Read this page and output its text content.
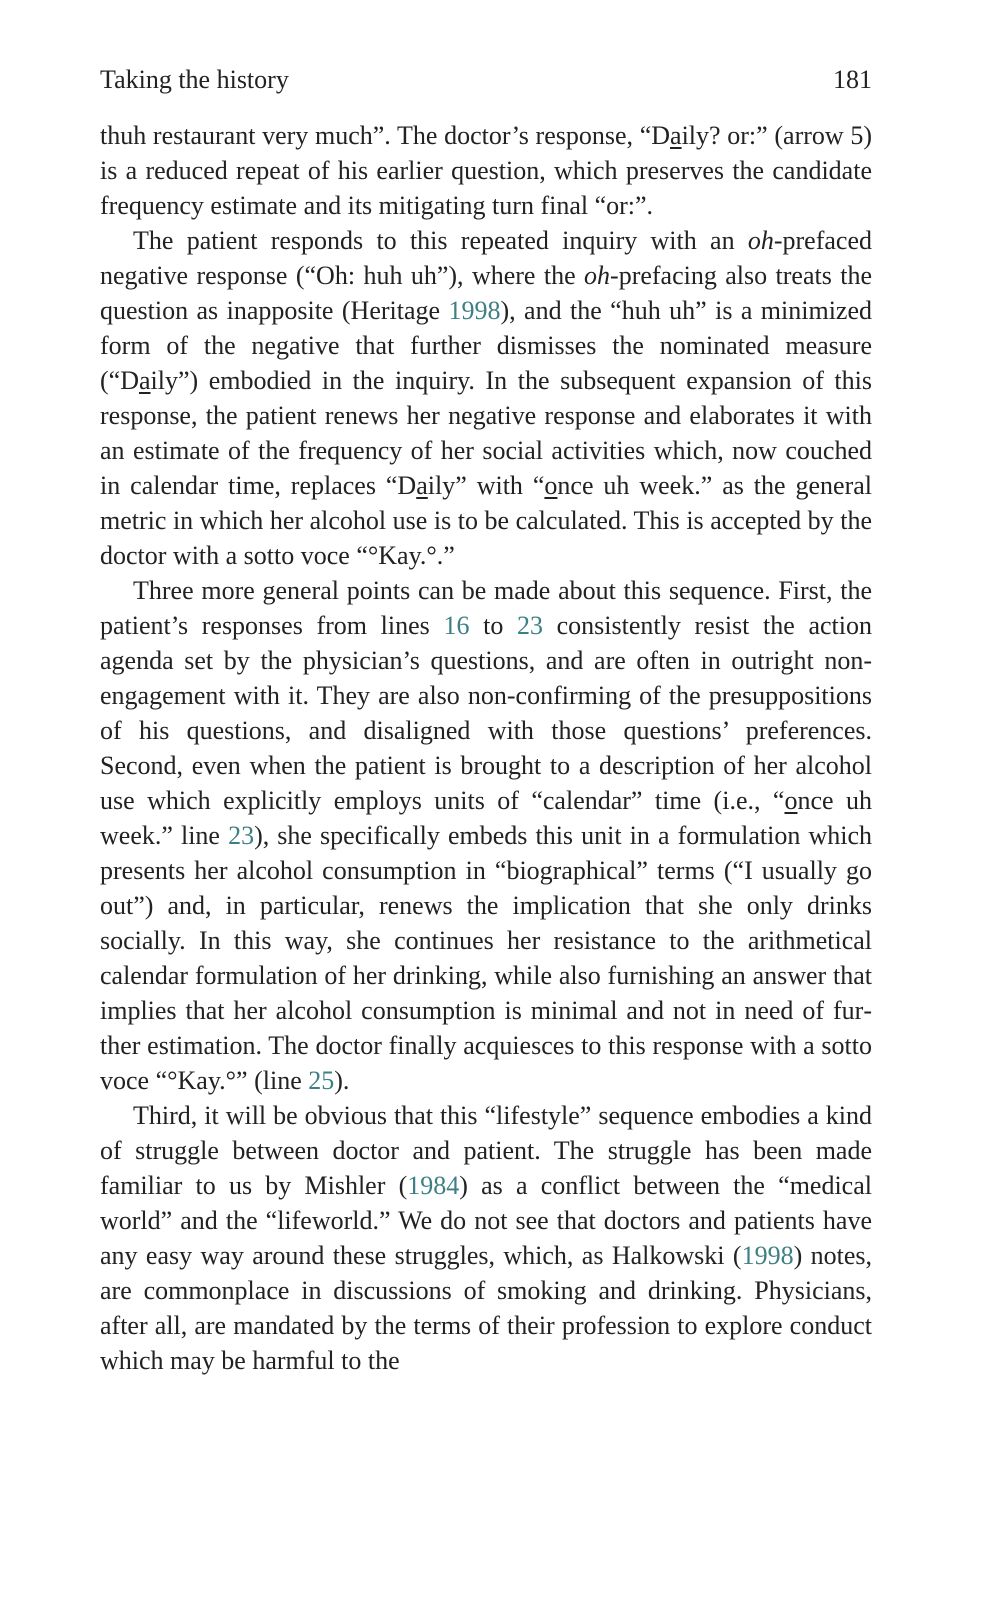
Taking the history	181

thuh restaurant very much”. The doctor’s response, “Daily? or:” (arrow 5) is a reduced repeat of his earlier question, which preserves the candidate frequency estimate and its mitigating turn final “or:”.

The patient responds to this repeated inquiry with an oh-prefaced negative response (“Oh: huh uh”), where the oh-prefacing also treats the question as inapposite (Heritage 1998), and the “huh uh” is a minimized form of the negative that further dismisses the nominated measure (“Daily”) embodied in the inquiry. In the subsequent expansion of this response, the patient renews her negative response and elaborates it with an estimate of the frequency of her social activities which, now couched in calendar time, replaces “Daily” with “once uh week.” as the general metric in which her alcohol use is to be calculated. This is accepted by the doctor with a sotto voce “°Kay.°.”

Three more general points can be made about this sequence. First, the patient’s responses from lines 16 to 23 consistently resist the action agenda set by the physician’s questions, and are often in outright non-engagement with it. They are also non-confirming of the presuppositions of his questions, and disaligned with those questions’ preferences. Second, even when the patient is brought to a description of her alcohol use which explicitly employs units of “calendar” time (i.e., “once uh week.” line 23), she specifically embeds this unit in a formulation which presents her alcohol consumption in “biographical” terms (“I usually go out”) and, in particular, renews the implication that she only drinks socially. In this way, she continues her resistance to the arithmetical calendar formulation of her drinking, while also furnishing an answer that implies that her alcohol consumption is minimal and not in need of further estimation. The doctor finally acquiesces to this response with a sotto voce “°Kay.°” (line 25).

Third, it will be obvious that this “lifestyle” sequence embodies a kind of struggle between doctor and patient. The struggle has been made familiar to us by Mishler (1984) as a conflict between the “medical world” and the “lifeworld.” We do not see that doctors and patients have any easy way around these struggles, which, as Halkowski (1998) notes, are commonplace in discussions of smoking and drinking. Physicians, after all, are mandated by the terms of their profession to explore conduct which may be harmful to the
